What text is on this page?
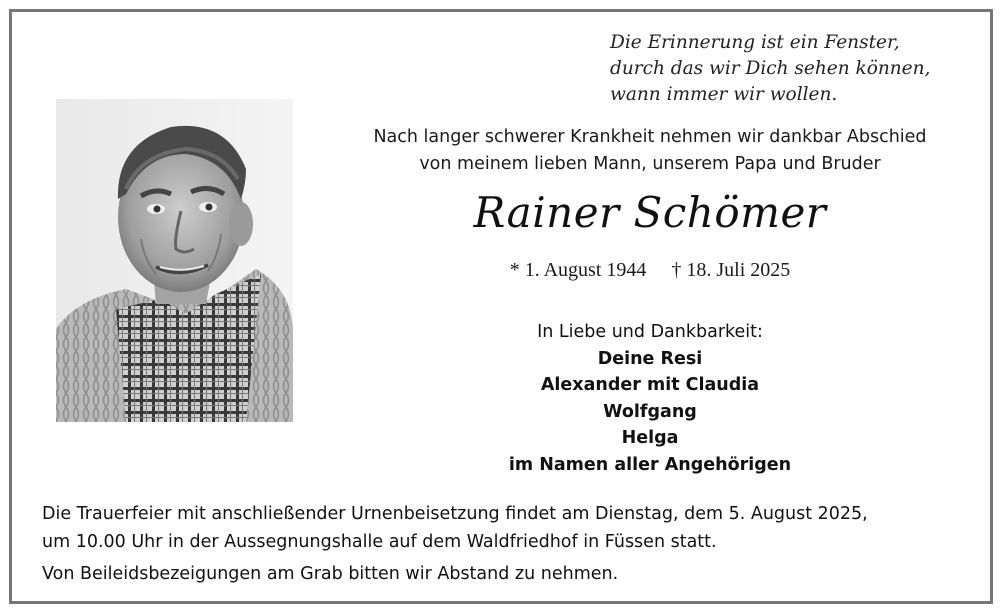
Die Erinnerung ist ein Fenster,
durch das wir Dich sehen können,
wann immer wir wollen.
Nach langer schwerer Krankheit nehmen wir dankbar Abschied
von meinem lieben Mann, unserem Papa und Bruder
Rainer Schömer
* 1. August 1944 † 18. Juli 2025
In Liebe und Dankbarkeit:
Deine Resi
Alexander mit Claudia
Wolfgang
Helga
im Namen aller Angehörigen
Die Trauerfeier mit anschließender Urnenbeisetzung findet am Dienstag, dem 5. August 2025,
um 10.00 Uhr in der Aussegnungshalle auf dem Waldfriedhof in Füssen statt.
Von Beileidsbezeigungen am Grab bitten wir Abstand zu nehmen.
